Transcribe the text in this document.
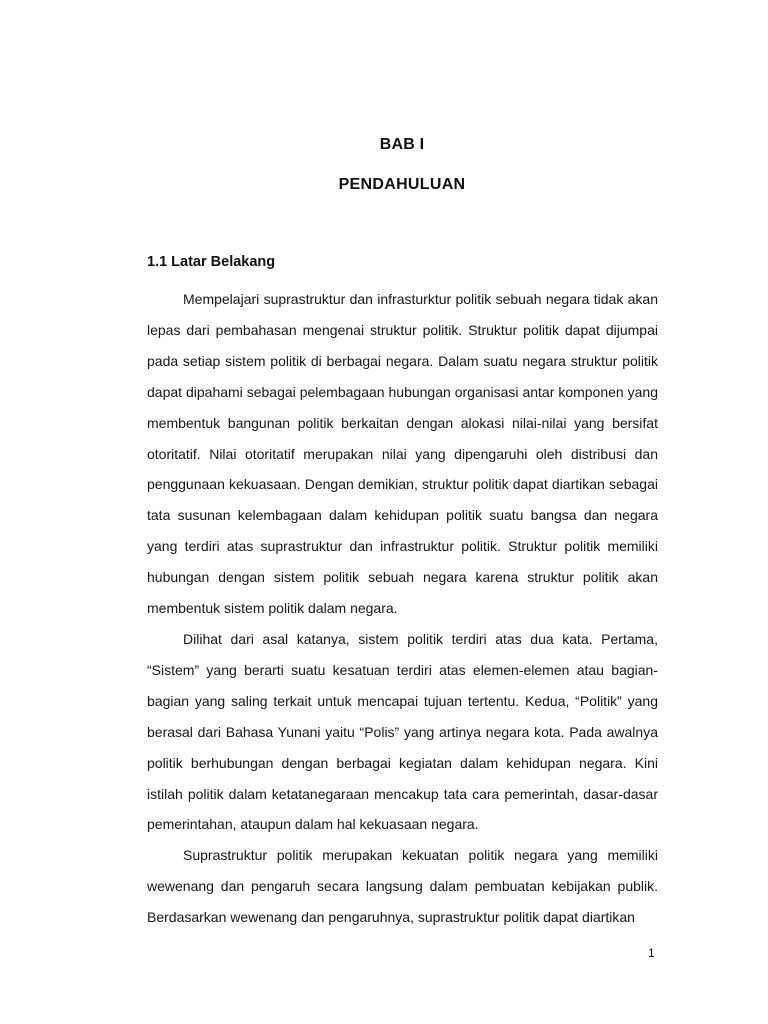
BAB I
PENDAHULUAN
1.1 Latar Belakang

Mempelajari suprastruktur dan infrasturktur politik sebuah negara tidak akan lepas dari pembahasan mengenai struktur politik. Struktur politik dapat dijumpai pada setiap sistem politik di berbagai negara. Dalam suatu negara struktur politik dapat dipahami sebagai pelembagaan hubungan organisasi antar komponen yang membentuk bangunan politik berkaitan dengan alokasi nilai-nilai yang bersifat otoritatif. Nilai otoritatif merupakan nilai yang dipengaruhi oleh distribusi dan penggunaan kekuasaan. Dengan demikian, struktur politik dapat diartikan sebagai tata susunan kelembagaan dalam kehidupan politik suatu bangsa dan negara yang terdiri atas suprastruktur dan infrastruktur politik. Struktur politik memiliki hubungan dengan sistem politik sebuah negara karena struktur politik akan membentuk sistem politik dalam negara.

Dilihat dari asal katanya, sistem politik terdiri atas dua kata. Pertama, “Sistem” yang berarti suatu kesatuan terdiri atas elemen-elemen atau bagian-bagian yang saling terkait untuk mencapai tujuan tertentu. Kedua, “Politik” yang berasal dari Bahasa Yunani yaitu “Polis” yang artinya negara kota. Pada awalnya politik berhubungan dengan berbagai kegiatan dalam kehidupan negara. Kini istilah politik dalam ketatanegaraan mencakup tata cara pemerintah, dasar-dasar pemerintahan, ataupun dalam hal kekuasaan negara.

Suprastruktur politik merupakan kekuatan politik negara yang memiliki wewenang dan pengaruh secara langsung dalam pembuatan kebijakan publik. Berdasarkan wewenang dan pengaruhnya, suprastruktur politik dapat diartikan

1
